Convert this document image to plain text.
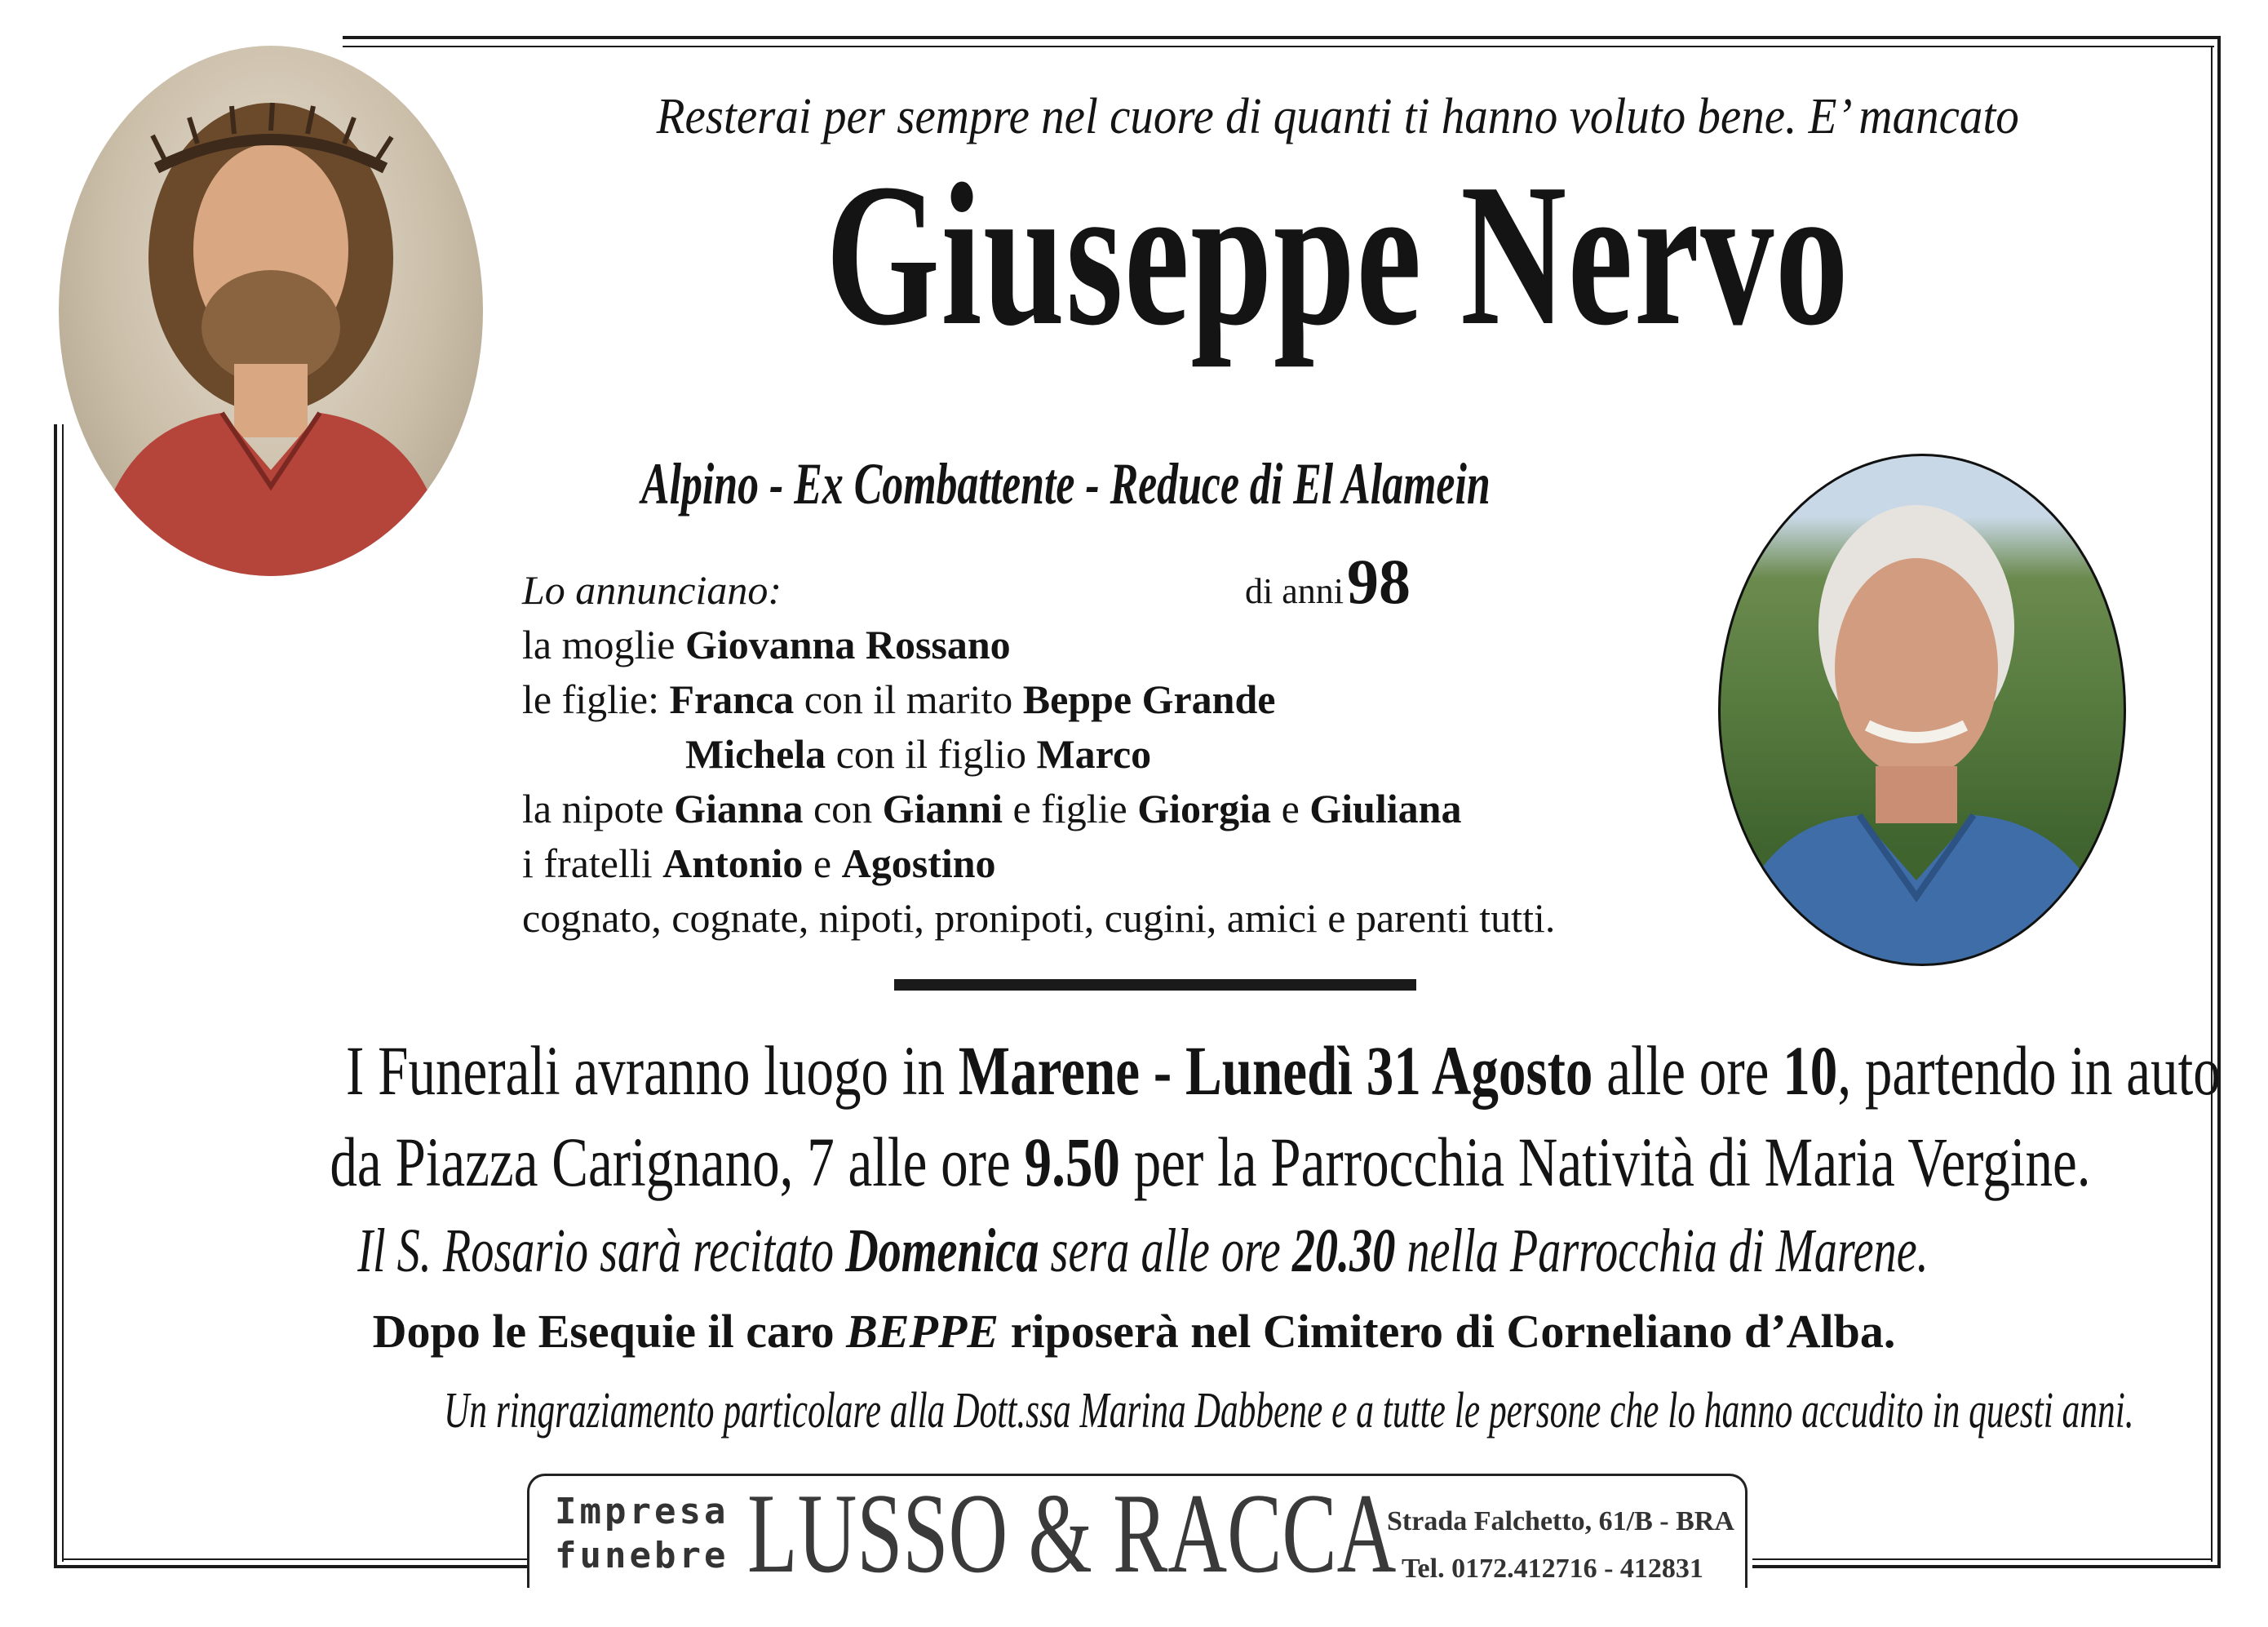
Resterai per sempre nel cuore di quanti ti hanno voluto bene. E’ mancato
Giuseppe Nervo
Alpino - Ex Combattente - Reduce di El Alamein
di anni 98
Lo annunciano:
la moglie Giovanna Rossano
le figlie: Franca con il marito Beppe Grande
Michela con il figlio Marco
la nipote Gianna con Gianni e figlie Giorgia e Giuliana
i fratelli Antonio e Agostino
cognato, cognate, nipoti, pronipoti, cugini, amici e parenti tutti.
I Funerali avranno luogo in Marene - Lunedì 31 Agosto alle ore 10, partendo in auto
da Piazza Carignano, 7 alle ore 9.50 per la Parrocchia Natività di Maria Vergine.
Il S. Rosario sarà recitato Domenica sera alle ore 20.30 nella Parrocchia di Marene.
Dopo le Esequie il caro BEPPE riposerà nel Cimitero di Corneliano d’Alba.
Un ringraziamento particolare alla Dott.ssa Marina Dabbene e a tutte le persone che lo hanno accudito in questi anni.
Impresa
funebre LUSSO & RACCA
Strada Falchetto, 61/B - BRA
Tel. 0172.412716 - 412831
